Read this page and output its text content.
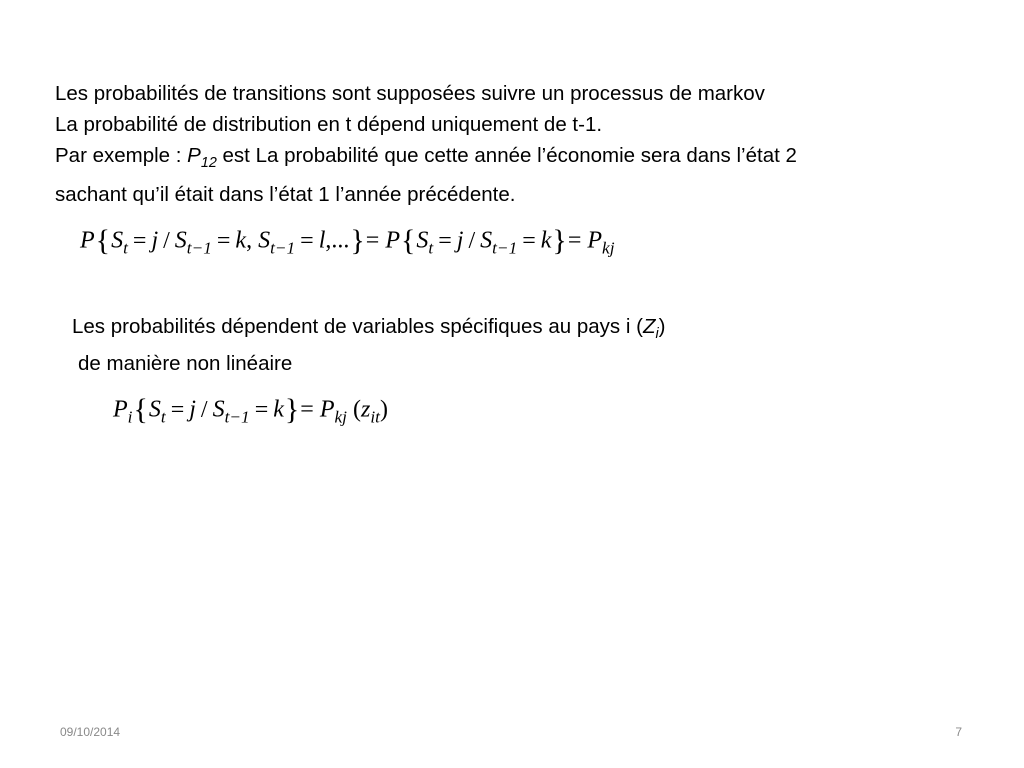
Les probabilités de transitions sont supposées suivre un processus de markov
La probabilité de distribution en t dépend uniquement de t-1.
Par exemple : $P_{12}$ est La probabilité que cette année l’économie sera dans l’état 2
sachant qu’il était dans l’état 1 l’année précédente.
$P\{S_t = j / S_{t-1} = k$, $S_{t-1} = l,...\}= P\{S_t = j / S_{t-1} = k\}= P_{kj}$
Les probabilités dépendent de variables spécifiques au pays i $(Z_i)$
de manière non linéaire
$P_i\{S_t = j / S_{t-1} = k\}= P_{kj}$ $(z_{it})$
09/10/2014	7
